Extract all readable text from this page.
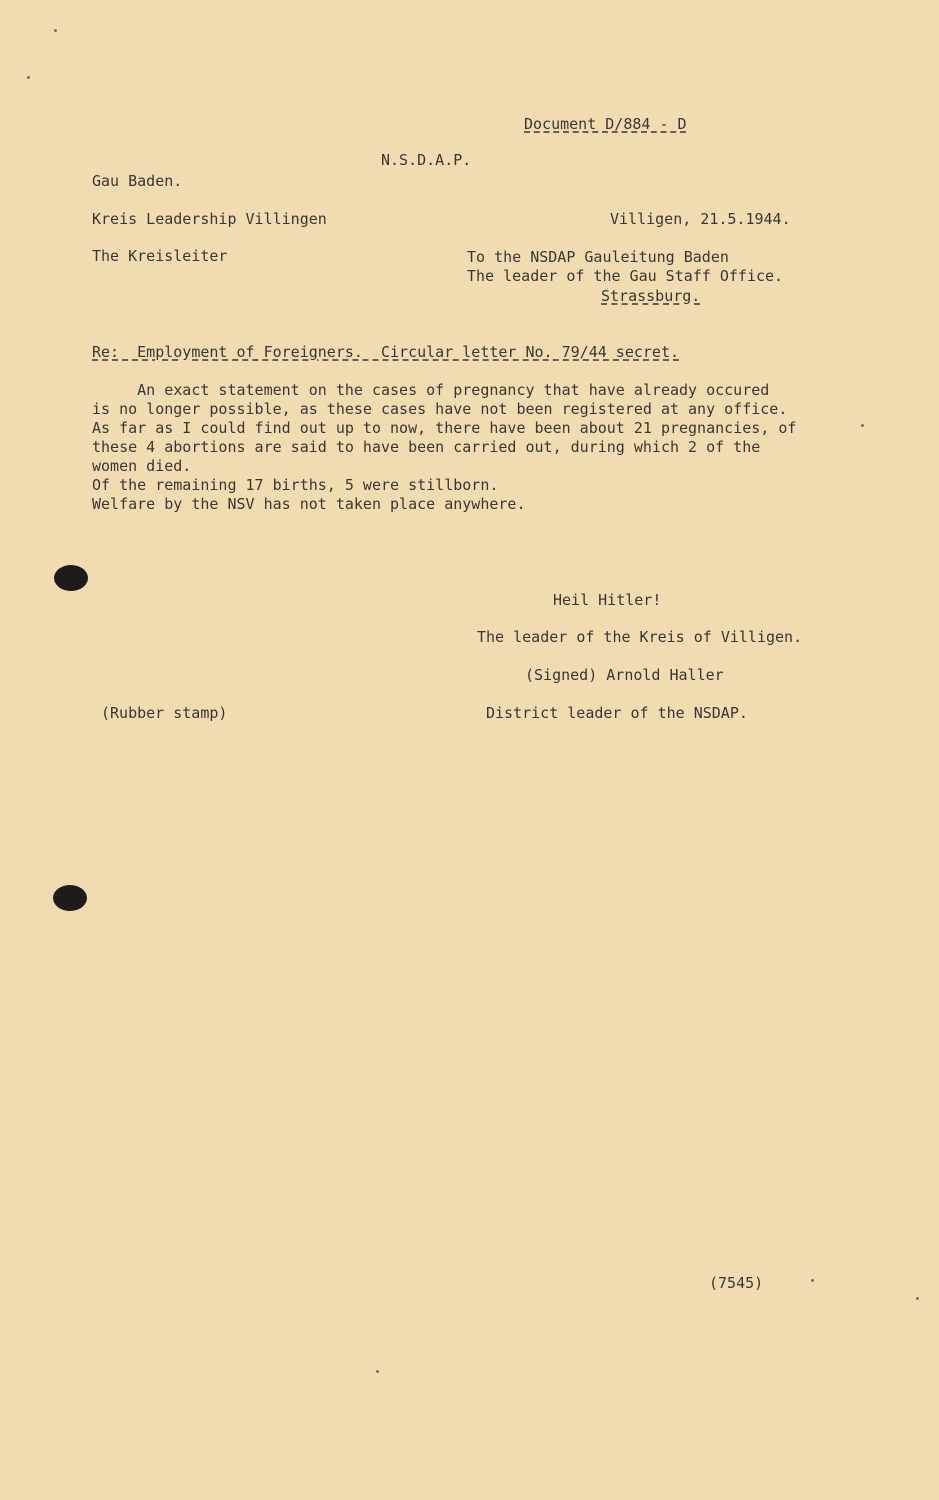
Document D/884 - D
N.S.D.A.P.
Gau Baden.
Kreis Leadership Villingen	Villigen, 21.5.1944.
The Kreisleiter	To the NSDAP Gauleitung Baden
The leader of the Gau Staff Office.
Strassburg.
Re:  Employment of Foreigners.  Circular letter No. 79/44 secret.

An exact statement on the cases of pregnancy that have already occured

is no longer possible, as these cases have not been registered at any office.

As far as I could find out up to now, there have been about 21 pregnancies, of

these 4 abortions are said to have been carried out, during which 2 of the

women died.

Of the remaining 17 births, 5 were stillborn.

Welfare by the NSV has not taken place anywhere.

Heil Hitler!
The leader of the Kreis of Villigen.
(Signed) Arnold Haller
(Rubber stamp)	District leader of the NSDAP.
(7545)
